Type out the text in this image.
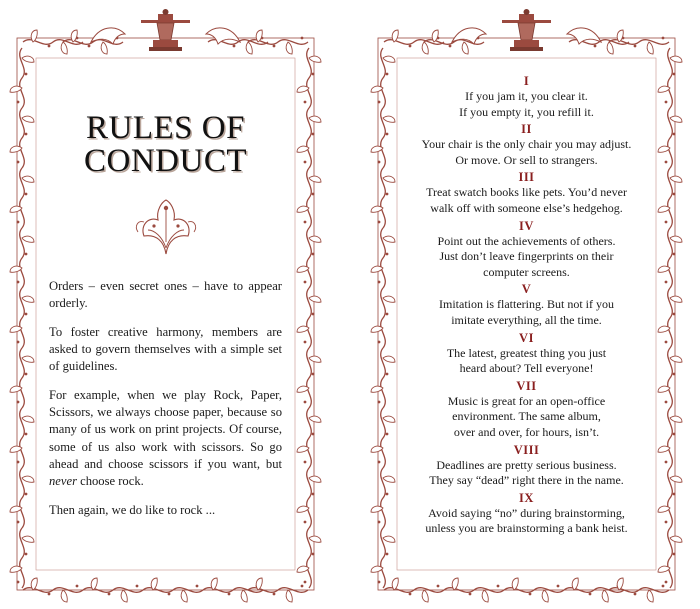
RULES OF
CONDUCT

Orders – even secret ones – have to appear orderly.

To foster creative harmony, members are asked to govern themselves with a simple set of guidelines.

For example, when we play Rock, Paper, Scissors, we always choose paper, because so many of us work on print projects. Of course, some of us also work with scissors. So go ahead and choose scissors if you want, but never choose rock.

Then again, we do like to rock ...

I
If you jam it, you clear it.
If you empty it, you refill it.
II
Your chair is the only chair you may adjust.
Or move. Or sell to strangers.
III
Treat swatch books like pets. You’d never
walk off with someone else’s hedgehog.
IV
Point out the achievements of others.
Just don’t leave fingerprints on their
computer screens.
V
Imitation is flattering. But not if you
imitate everything, all the time.
VI
The latest, greatest thing you just
heard about? Tell everyone!
VII
Music is great for an open-office
environment. The same album,
over and over, for hours, isn’t.
VIII
Deadlines are pretty serious business.
They say “dead” right there in the name.
IX
Avoid saying “no” during brainstorming,
unless you are brainstorming a bank heist.
